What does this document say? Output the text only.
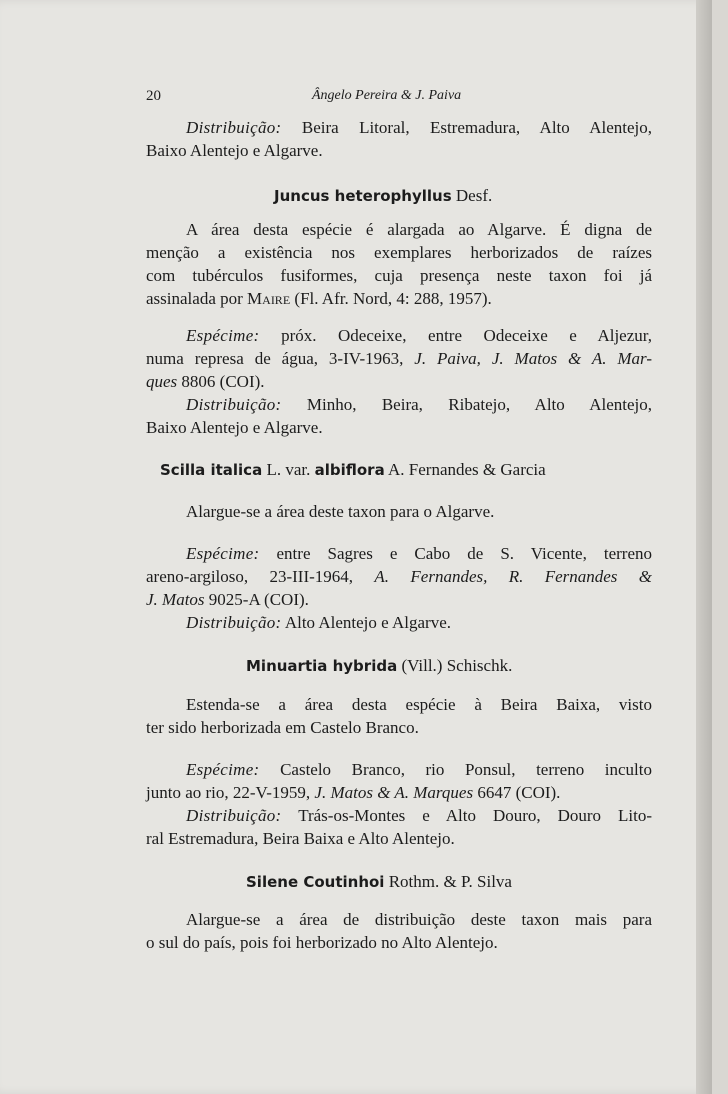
20	Ângelo Pereira & J. Paiva
Distribuição: Beira Litoral, Estremadura, Alto Alentejo,
Baixo Alentejo e Algarve.
Juncus heterophyllus Desf.
A área desta espécie é alargada ao Algarve. É digna de
menção a existência nos exemplares herborizados de raízes
com tubérculos fusiformes, cuja presença neste taxon foi já
assinalada por Maire (Fl. Afr. Nord, 4: 288, 1957).
Espécime: próx. Odeceixe, entre Odeceixe e Aljezur,
numa represa de água, 3-IV-1963, J. Paiva, J. Matos & A. Mar-
ques 8806 (COI).
Distribuição: Minho, Beira, Ribatejo, Alto Alentejo,
Baixo Alentejo e Algarve.
Scilla italica L. var. albiflora A. Fernandes & Garcia
Alargue-se a área deste taxon para o Algarve.
Espécime: entre Sagres e Cabo de S. Vicente, terreno
areno-argiloso, 23-III-1964, A. Fernandes, R. Fernandes &
J. Matos 9025-A (COI).
Distribuição: Alto Alentejo e Algarve.
Minuartia hybrida (Vill.) Schischk.
Estenda-se a área desta espécie à Beira Baixa, visto
ter sido herborizada em Castelo Branco.
Espécime: Castelo Branco, rio Ponsul, terreno inculto
junto ao rio, 22-V-1959, J. Matos & A. Marques 6647 (COI).
Distribuição: Trás-os-Montes e Alto Douro, Douro Lito-
ral Estremadura, Beira Baixa e Alto Alentejo.
Silene Coutinhoi Rothm. & P. Silva
Alargue-se a área de distribuição deste taxon mais para
o sul do país, pois foi herborizado no Alto Alentejo.
